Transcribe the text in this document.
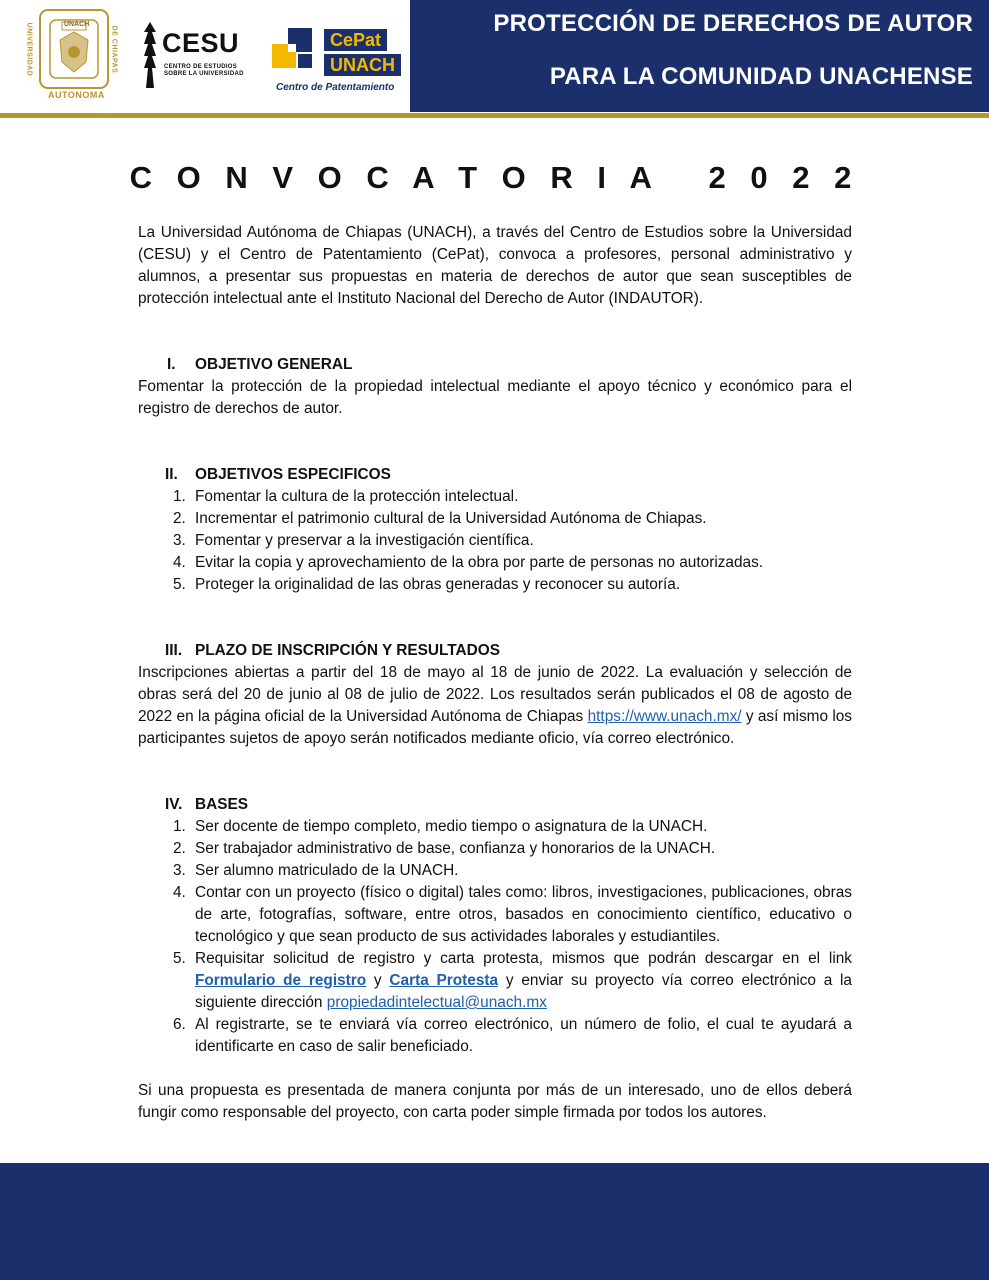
UNACH
UNIVERSIDAD	DE CHIAPAS
AUTONOMA
CESU
CENTRO DE ESTUDIOS
SOBRE LA UNIVERSIDAD
CePat
UNACH
Centro de Patentamiento
PROTECCIÓN DE DERECHOS DE AUTOR
PARA LA COMUNIDAD UNACHENSE
C O N V O C A T O R I A   2 0 2 2

La Universidad Autónoma de Chiapas (UNACH), a través del Centro de Estudios sobre la Universidad (CESU) y el Centro de Patentamiento (CePat), convoca a profesores, personal administrativo y alumnos, a presentar sus propuestas en materia de derechos de autor que sean susceptibles de protección intelectual ante el Instituto Nacional del Derecho de Autor (INDAUTOR).

I.	OBJETIVO GENERAL

Fomentar la protección de la propiedad intelectual mediante el apoyo técnico y económico para el registro de derechos de autor.

II.	OBJETIVOS ESPECIFICOS
1. Fomentar la cultura de la protección intelectual.
2. Incrementar el patrimonio cultural de la Universidad Autónoma de Chiapas.
3. Fomentar y preservar a la investigación científica.
4. Evitar la copia y aprovechamiento de la obra por parte de personas no autorizadas.
5. Proteger la originalidad de las obras generadas y reconocer su autoría.
III. PLAZO DE INSCRIPCIÓN Y RESULTADOS

Inscripciones abiertas a partir del 18 de mayo al 18 de junio de 2022. La evaluación y selección de obras será del 20 de junio al 08 de julio de 2022. Los resultados serán publicados el 08 de agosto de 2022 en la página oficial de la Universidad Autónoma de Chiapas https://www.unach.mx/ y así mismo los participantes sujetos de apoyo serán notificados mediante oficio, vía correo electrónico.

IV. BASES
1. Ser docente de tiempo completo, medio tiempo o asignatura de la UNACH.
2. Ser trabajador administrativo de base, confianza y honorarios de la UNACH.
3. Ser alumno matriculado de la UNACH.
4. Contar con un proyecto (físico o digital) tales como: libros, investigaciones, publicaciones, obras de arte, fotografías, software, entre otros, basados en conocimiento científico, educativo o tecnológico y que sean producto de sus actividades laborales y estudiantiles.
5. Requisitar solicitud de registro y carta protesta, mismos que podrán descargar en el link Formulario de registro y Carta Protesta y enviar su proyecto vía correo electrónico a la siguiente dirección propiedadintelectual@unach.mx
6. Al registrarte, se te enviará vía correo electrónico, un número de folio, el cual te ayudará a identificarte en caso de salir beneficiado.

Si una propuesta es presentada de manera conjunta por más de un interesado, uno de ellos deberá fungir como responsable del proyecto, con carta poder simple firmada por todos los autores.
